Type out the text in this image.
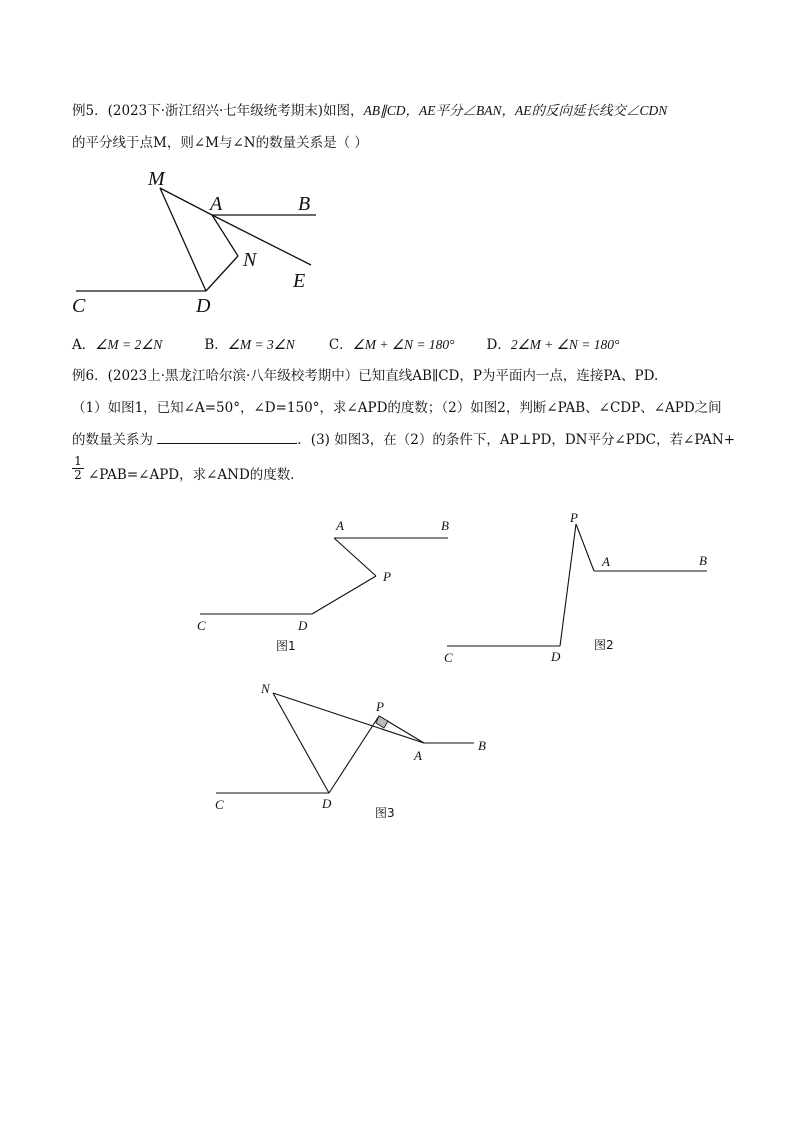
例5．(2023下·浙江绍兴·七年级统考期末)如图，AB∥CD，AE平分∠BAN，AE的反向延长线交∠CDN
的平分线于点M，则∠M与∠N的数量关系是（ ）
M
A	B
N
E
C	D
A	B
P
C	D
图1
P
A	B
C	D
图2
N
P
A
B
C	D
图3
A．∠M = 2∠N	B．∠M = 3∠N	C．∠M + ∠N = 180° D．2∠M + ∠N = 180°
例6．(2023上·黑龙江哈尔滨·八年级校考期中）已知直线AB∥CD，P为平面内一点，连接PA、PD.
（1）如图1，已知∠A=50°，∠D=150°，求∠APD的度数；（2）如图2，判断∠PAB、∠CDP、∠APD之间
的数量关系为	．(3) 如图3，在（2）的条件下，AP⊥PD，DN平分∠PDC，若∠PAN+
$\frac{1}{2}$ ∠PAB=∠APD，求∠AND的度数．
